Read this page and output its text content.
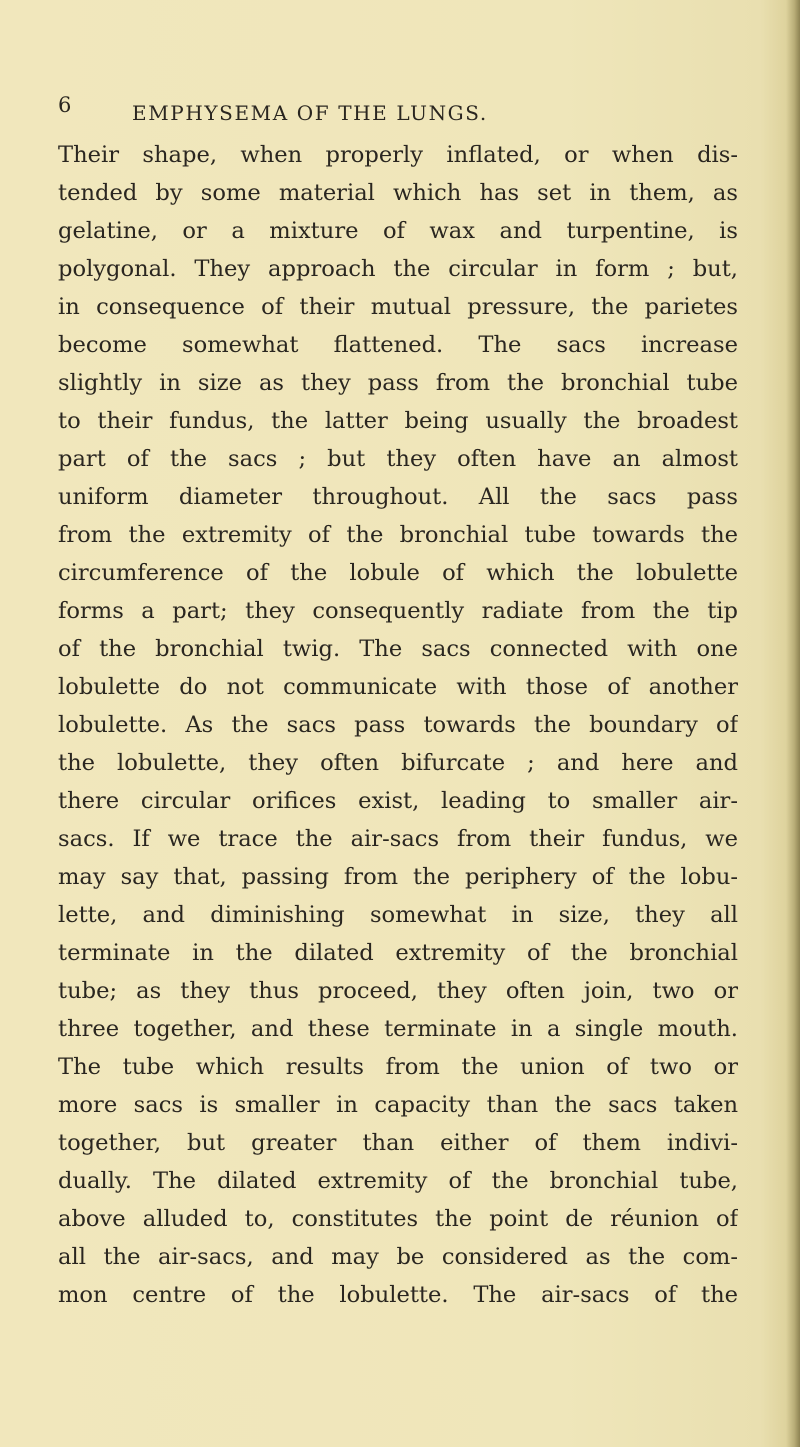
6	EMPHYSEMA OF THE LUNGS.
Their shape, when properly inflated, or when dis-
tended by some material which has set in them, as
gelatine, or a mixture of wax and turpentine, is
polygonal. They approach the circular in form ; but,
in consequence of their mutual pressure, the parietes
become somewhat flattened. The sacs increase
slightly in size as they pass from the bronchial tube
to their fundus, the latter being usually the broadest
part of the sacs ; but they often have an almost
uniform diameter throughout. All the sacs pass
from the extremity of the bronchial tube towards the
circumference of the lobule of which the lobulette
forms a part; they consequently radiate from the tip
of the bronchial twig. The sacs connected with one
lobulette do not communicate with those of another
lobulette. As the sacs pass towards the boundary of
the lobulette, they often bifurcate ; and here and
there circular orifices exist, leading to smaller air-
sacs. If we trace the air-sacs from their fundus, we
may say that, passing from the periphery of the lobu-
lette, and diminishing somewhat in size, they all
terminate in the dilated extremity of the bronchial
tube; as they thus proceed, they often join, two or
three together, and these terminate in a single mouth.
The tube which results from the union of two or
more sacs is smaller in capacity than the sacs taken
together, but greater than either of them indivi-
dually. The dilated extremity of the bronchial tube,
above alluded to, constitutes the point de réunion of
all the air-sacs, and may be considered as the com-
mon centre of the lobulette. The air-sacs of the
